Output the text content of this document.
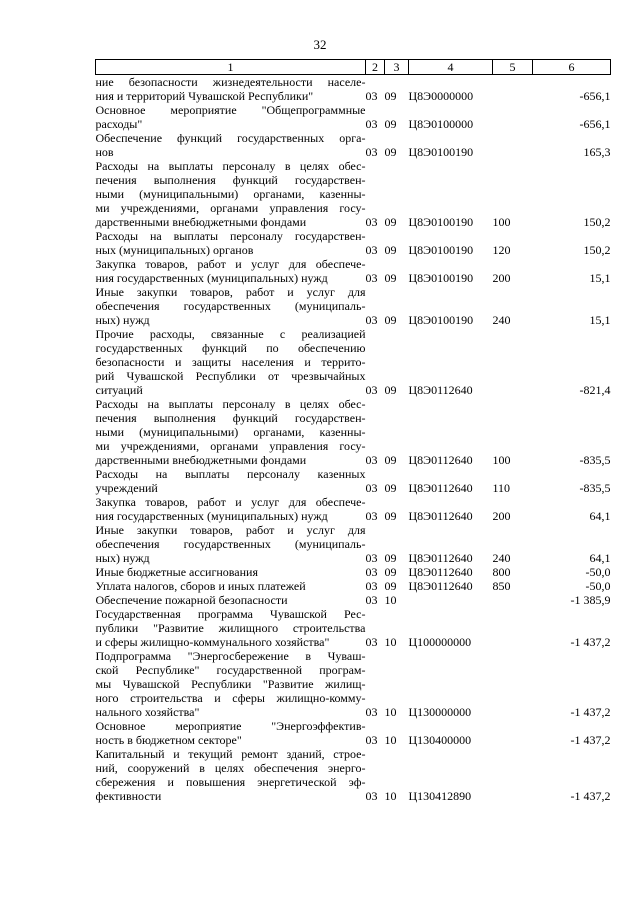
32
1	2	3	4	5	6

ние безопасности жизнедеятельности населе-
ния и территорий Чувашской Республики"	03	09	Ц8Э0000000		-656,1

Основное мероприятие "Общепрограммные
расходы"	03	09	Ц8Э0100000		-656,1

Обеспечение функций государственных орга-
нов	03	09	Ц8Э0100190		165,3

Расходы на выплаты персоналу в целях обес-
печения выполнения функций государствен-
ными (муниципальными) органами, казенны-
ми учреждениями, органами управления госу-
дарственными внебюджетными фондами	03	09	Ц8Э0100190	100	150,2

Расходы на выплаты персоналу государствен-
ных (муниципальных) органов	03	09	Ц8Э0100190	120	150,2

Закупка товаров, работ и услуг для обеспече-
ния государственных (муниципальных) нужд	03	09	Ц8Э0100190	200	15,1

Иные закупки товаров, работ и услуг для
обеспечения государственных (муниципаль-
ных) нужд	03	09	Ц8Э0100190	240	15,1

Прочие расходы, связанные с реализацией
государственных функций по обеспечению
безопасности и защиты населения и террито-
рий Чувашской Республики от чрезвычайных
ситуаций	03	09	Ц8Э0112640		-821,4

Расходы на выплаты персоналу в целях обес-
печения выполнения функций государствен-
ными (муниципальными) органами, казенны-
ми учреждениями, органами управления госу-
дарственными внебюджетными фондами	03	09	Ц8Э0112640	100	-835,5

Расходы на выплаты персоналу казенных
учреждений	03	09	Ц8Э0112640	110	-835,5

Закупка товаров, работ и услуг для обеспече-
ния государственных (муниципальных) нужд	03	09	Ц8Э0112640	200	64,1

Иные закупки товаров, работ и услуг для
обеспечения государственных (муниципаль-
ных) нужд	03	09	Ц8Э0112640	240	64,1

Иные бюджетные ассигнования	03	09	Ц8Э0112640	800	-50,0

Уплата налогов, сборов и иных платежей	03	09	Ц8Э0112640	850	-50,0

Обеспечение пожарной безопасности	03	10			-1 385,9

Государственная программа Чувашской Рес-
публики "Развитие жилищного строительства
и сферы жилищно-коммунального хозяйства"	03	10	Ц100000000		-1 437,2

Подпрограмма "Энергосбережение в Чуваш-
ской Республике" государственной програм-
мы Чувашской Республики "Развитие жилищ-
ного строительства и сферы жилищно-комму-
нального хозяйства"	03	10	Ц130000000		-1 437,2

Основное мероприятие "Энергоэффектив-
ность в бюджетном секторе"	03	10	Ц130400000		-1 437,2

Капитальный и текущий ремонт зданий, строе-
ний, сооружений в целях обеспечения энерго-
сбережения и повышения энергетической эф-
фективности	03	10	Ц130412890		-1 437,2
